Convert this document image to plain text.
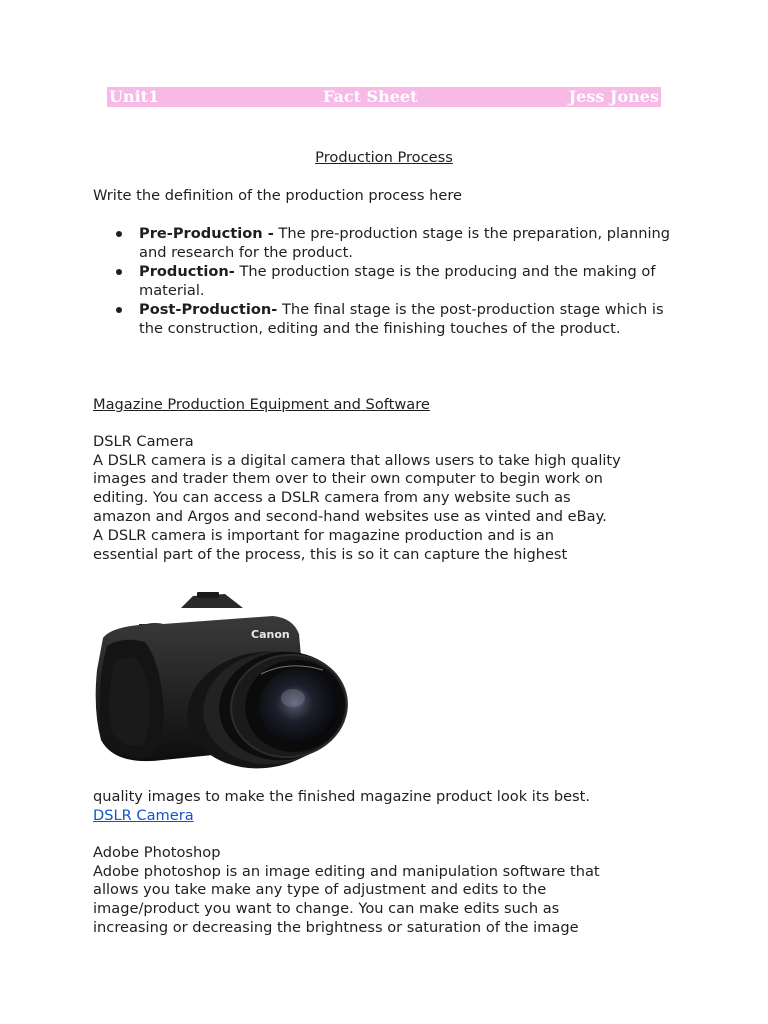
Unit1	Fact Sheet	Jess Jones
Production Process
Write the definition of the production process here
Pre-Production - The pre-production stage is the preparation, planning and research for the product.
Production- The production stage is the producing and the making of material.
Post-Production- The final stage is the post-production stage which is the construction, editing and the finishing touches of the product.
Magazine Production Equipment and Software
DSLR Camera
A DSLR camera is a digital camera that allows users to take high quality
images and trader them over to their own computer to begin work on
editing. You can access a DSLR camera from any website such as
amazon and Argos and second-hand websites use as vinted and eBay.
A DSLR camera is important for magazine production and is an
essential part of the process, this is so it can capture the highest
Canon
quality images to make the finished magazine product look its best.
DSLR Camera
Adobe Photoshop
Adobe photoshop is an image editing and manipulation software that
allows you take make any type of adjustment and edits to the
image/product you want to change. You can make edits such as
increasing or decreasing the brightness or saturation of the image
